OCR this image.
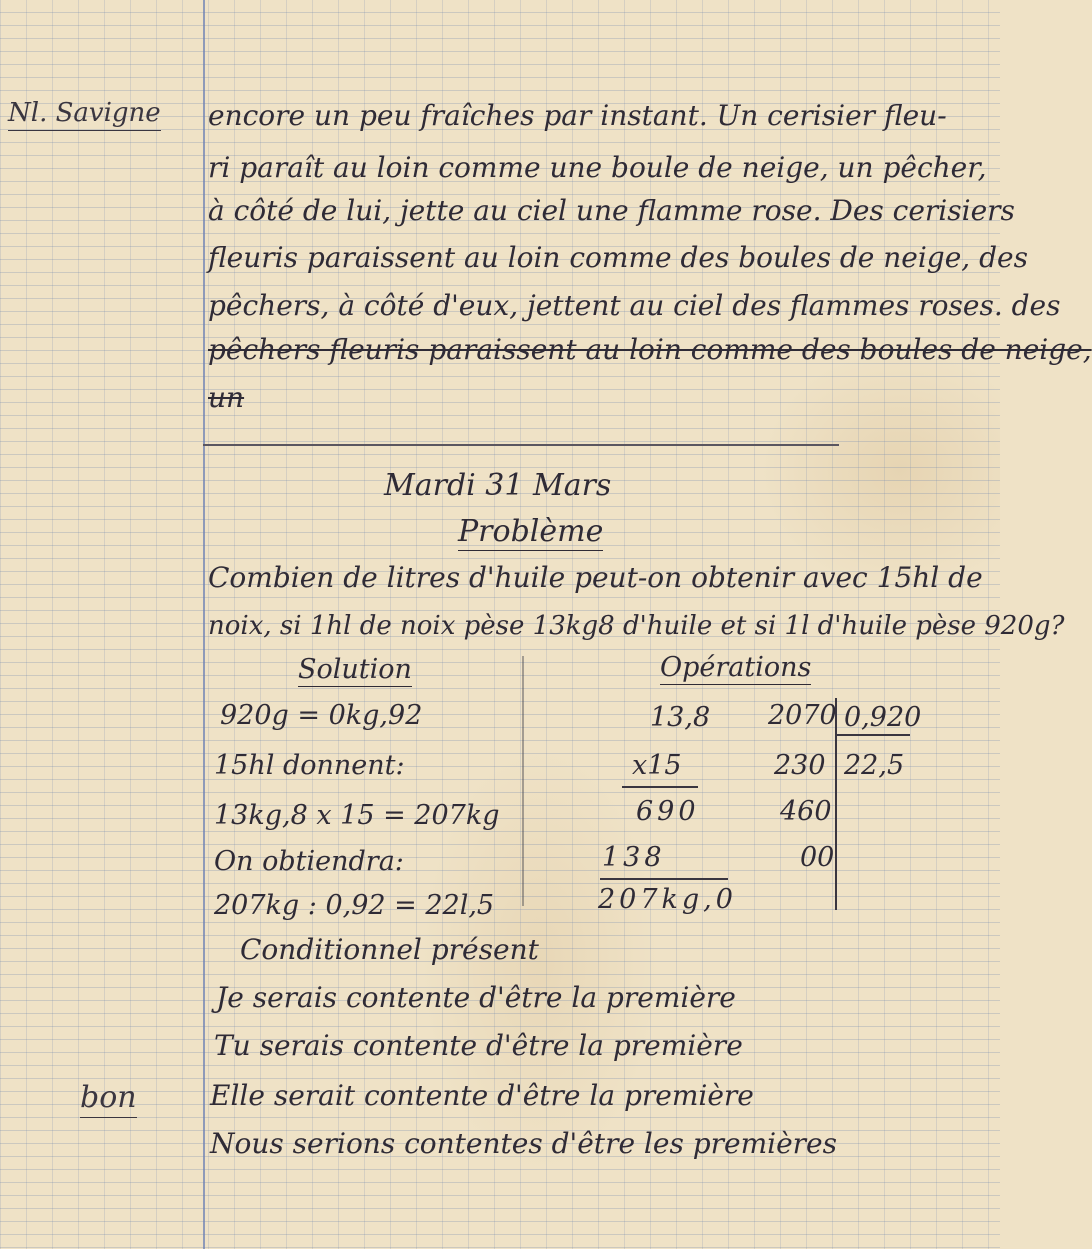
Nl. Savigne
bon
encore un peu fraîches par instant. Un cerisier fleu-
ri paraît au loin comme une boule de neige, un pêcher,
à côté de lui, jette au ciel une flamme rose. Des cerisiers
fleuris paraissent au loin comme des boules de neige, des
pêchers, à côté d'eux, jettent au ciel des flammes roses. des
pêchers fleuris paraissent au loin comme des boules de neige,
un
Mardi 31 Mars
Problème
Combien de litres d'huile peut-on obtenir avec 15hl de
noix, si 1hl de noix pèse 13kg8 d'huile et si 1l d'huile pèse 920g?
Solution
920g = 0kg,92
15hl donnent:
13kg,8 x 15 = 207kg
On obtiendra:
207kg : 0,92 = 22l,5
Opérations
13,8
x15
690
138
207kg,0
2070
230
460
00
0,920
22,5
Conditionnel présent
Je serais contente d'être la première
Tu serais contente d'être la première
Elle serait contente d'être la première
Nous serions contentes d'être les premières
